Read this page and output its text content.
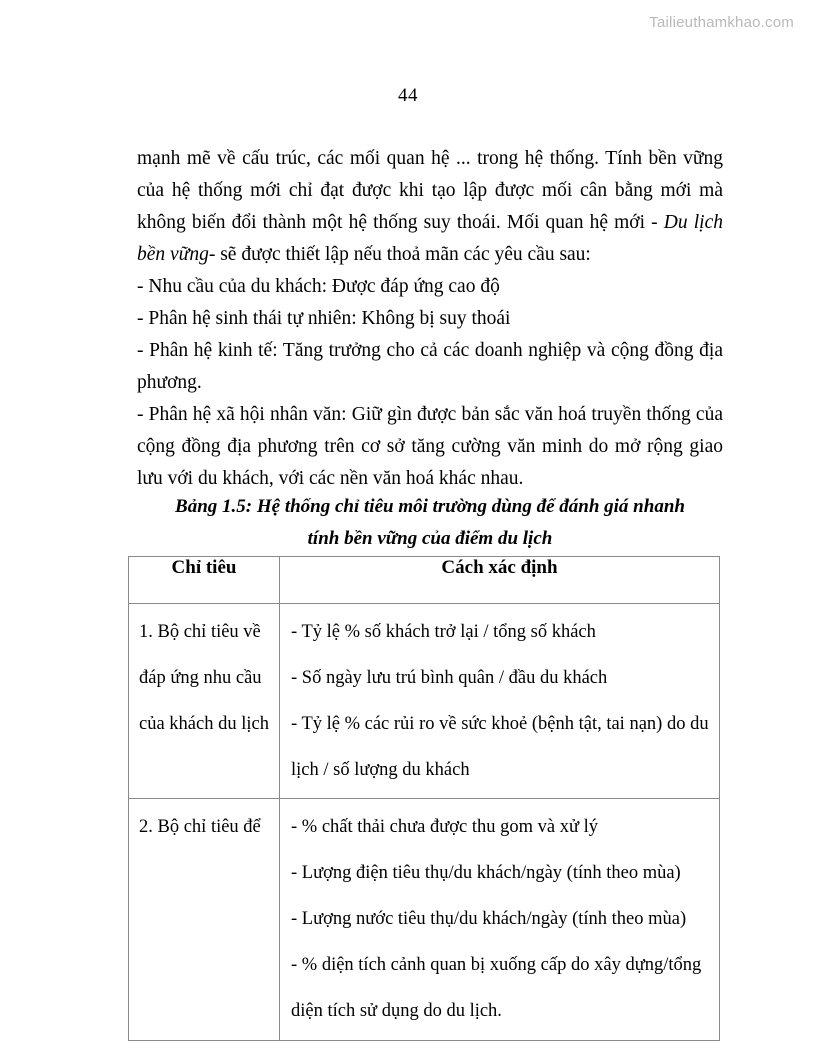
Tailieuthamkhao.com
44

mạnh mẽ về cấu trúc, các mối quan hệ ... trong hệ thống. Tính bền vững của hệ thống mới chỉ đạt được khi tạo lập được mối cân bằng mới mà không biến đổi thành một hệ thống suy thoái. Mối quan hệ mới - Du lịch bền vững- sẽ được thiết lập nếu thoả mãn các yêu cầu sau:

- Nhu cầu của du khách: Được đáp ứng cao độ
- Phân hệ sinh thái tự nhiên: Không bị suy thoái
- Phân hệ kinh tế: Tăng trưởng cho cả các doanh nghiệp và cộng đồng địa phương.
- Phân hệ xã hội nhân văn: Giữ gìn được bản sắc văn hoá truyền thống của cộng đồng địa phương trên cơ sở tăng cường văn minh do mở rộng giao lưu với du khách, với các nền văn hoá khác nhau.
Bảng 1.5: Hệ thống chỉ tiêu môi trường dùng để đánh giá nhanh
tính bền vững của điểm du lịch
Chỉ tiêu	Cách xác định

1. Bộ chỉ tiêu về
đáp ứng nhu cầu
của khách du lịch	- Tỷ lệ % số khách trở lại / tổng số khách
- Số ngày lưu trú bình quân / đầu du khách
- Tỷ lệ % các rủi ro về sức khoẻ (bệnh tật, tai nạn) do du
lịch / số lượng du khách

2. Bộ chỉ tiêu để	- % chất thải chưa được thu gom và xử lý
- Lượng điện tiêu thụ/du khách/ngày (tính theo mùa)
- Lượng nước tiêu thụ/du khách/ngày (tính theo mùa)
- % diện tích cảnh quan bị xuống cấp do xây dựng/tổng
diện tích sử dụng do du lịch.
